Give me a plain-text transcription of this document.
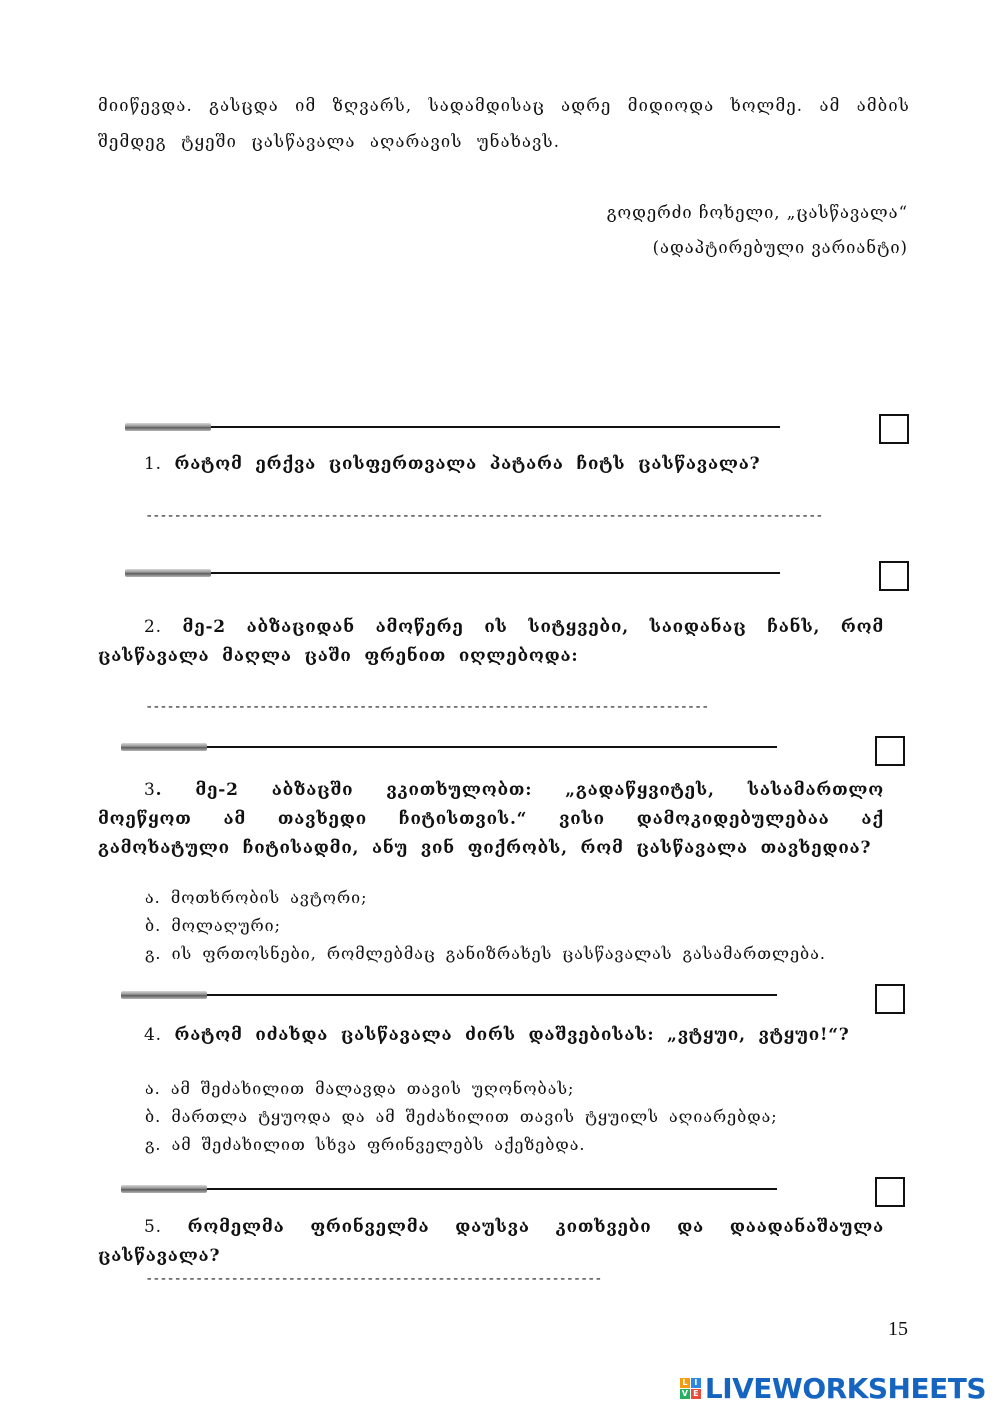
მიიწევდა. გასცდა იმ ზღვარს, სადამდისაც ადრე მიდიოდა ხოლმე. ამ ამბის
შემდეგ ტყეში ცასწავალა აღარავის უნახავს.
გოდერძი ჩოხელი, „ცასწავალა“
(ადაპტირებული ვარიანტი)
1. რატომ ერქვა ცისფერთვალა პატარა ჩიტს ცასწავალა?
-----------------------------------------------------------------------------------------------
2. მე-2 აბზაციდან ამოწერე ის სიტყვები, საიდანაც ჩანს, რომ ცასწავალა მაღლა ცაში ფრენით იღლებოდა:
-------------------------------------------------------------------------------
3. მე-2 აბზაცში ვკითხულობთ: „გადაწყვიტეს, სასამართლო მოეწყოთ ამ თავხედი ჩიტისთვის.“ ვისი დამოკიდებულებაა აქ გამოხატული ჩიტისადმი, ანუ ვინ ფიქრობს, რომ ცასწავალა თავხედია?
ა. მოთხრობის ავტორი;
ბ. მოლაღური;
გ. ის ფრთოსნები, რომლებმაც განიზრახეს ცასწავალას გასამართლება.
4. რატომ იძახდა ცასწავალა ძირს დაშვებისას: „ვტყუი, ვტყუი!“?
ა. ამ შეძახილით მალავდა თავის უღონობას;
ბ. მართლა ტყუოდა და ამ შეძახილით თავის ტყუილს აღიარებდა;
გ. ამ შეძახილით სხვა ფრინველებს აქეზებდა.
5. რომელმა ფრინველმა დაუსვა კითხვები და დაადანაშაულა ცასწავალა?
----------------------------------------------------------------
15
L I
V E LIVEWORKSHEETS
